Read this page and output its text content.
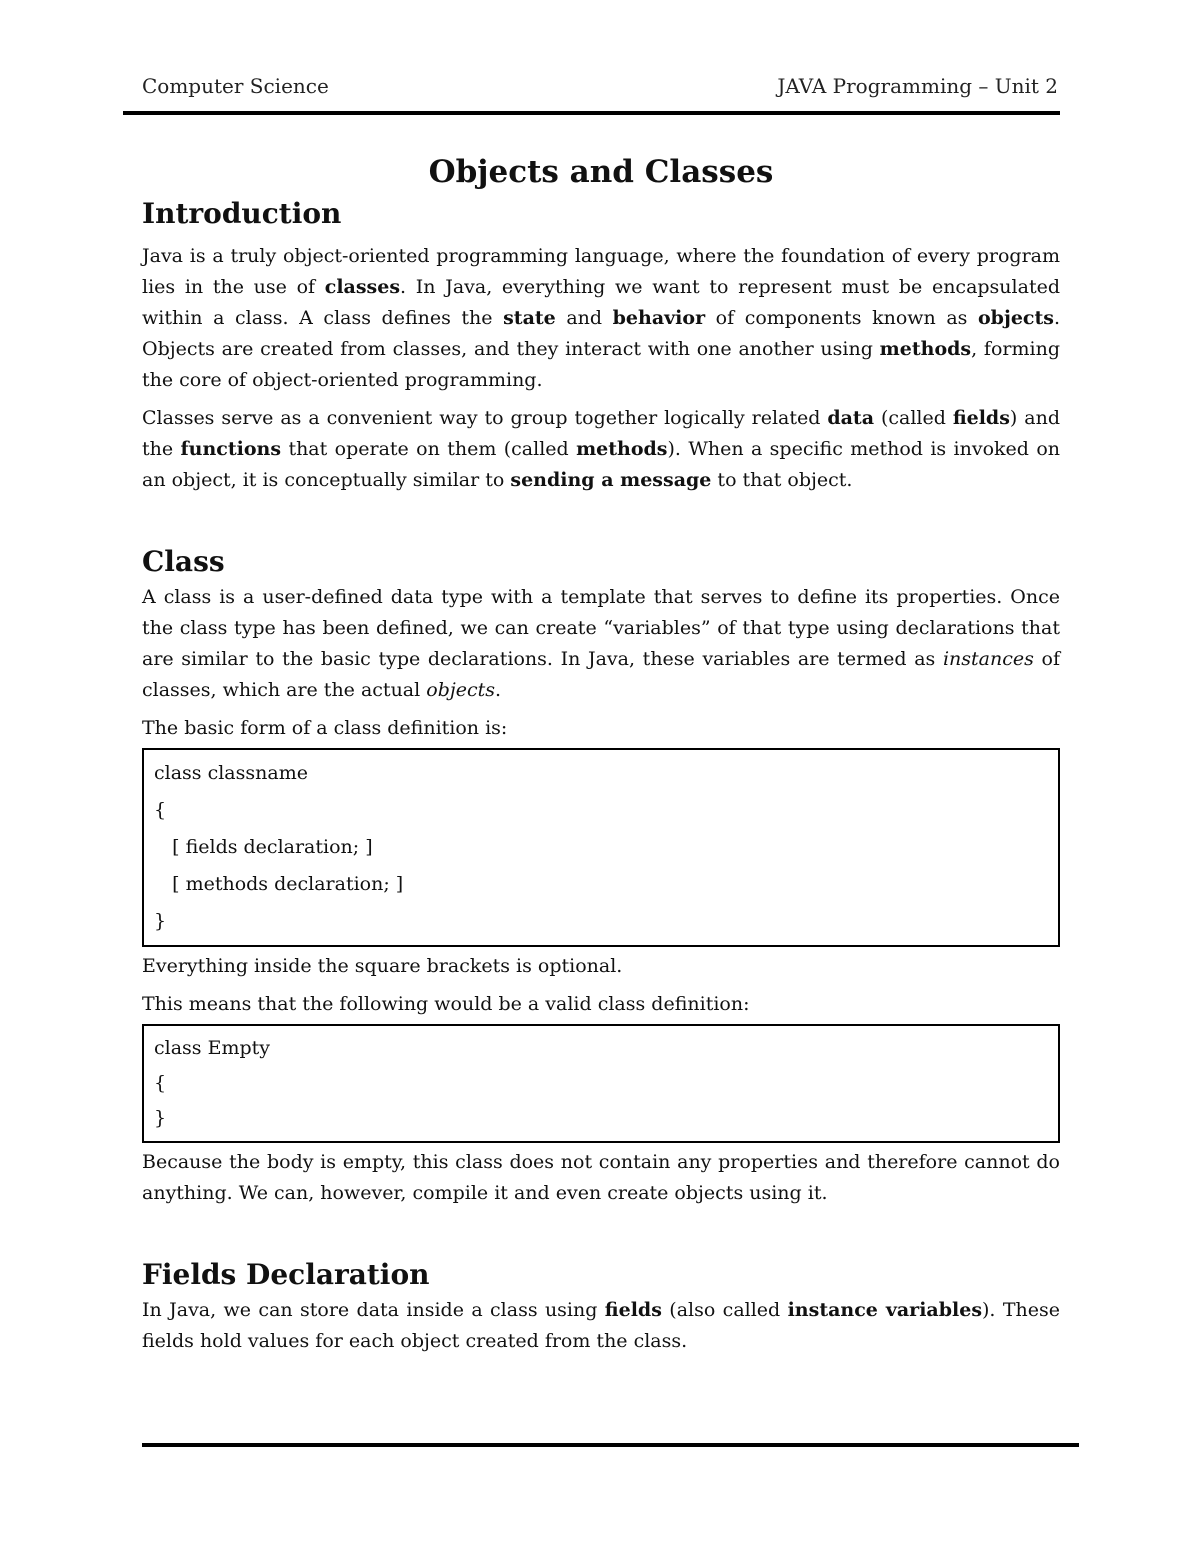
Computer Science	JAVA Programming – Unit 2
Objects and Classes
Introduction

Java is a truly object-oriented programming language, where the foundation of every program lies in the use of classes. In Java, everything we want to represent must be encapsulated within a class. A class defines the state and behavior of components known as objects. Objects are created from classes, and they interact with one another using methods, forming the core of object-oriented programming.

Classes serve as a convenient way to group together logically related data (called fields) and the functions that operate on them (called methods). When a specific method is invoked on an object, it is conceptually similar to sending a message to that object.

Class

A class is a user-defined data type with a template that serves to define its properties. Once the class type has been defined, we can create “variables” of that type using declarations that are similar to the basic type declarations. In Java, these variables are termed as instances of classes, which are the actual objects.

The basic form of a class definition is:

class classname
{
[ fields declaration; ]
[ methods declaration; ]
}

Everything inside the square brackets is optional.

This means that the following would be a valid class definition:

class Empty
{
}

Because the body is empty, this class does not contain any properties and therefore cannot do anything. We can, however, compile it and even create objects using it.

Fields Declaration

In Java, we can store data inside a class using fields (also called instance variables). These fields hold values for each object created from the class.
